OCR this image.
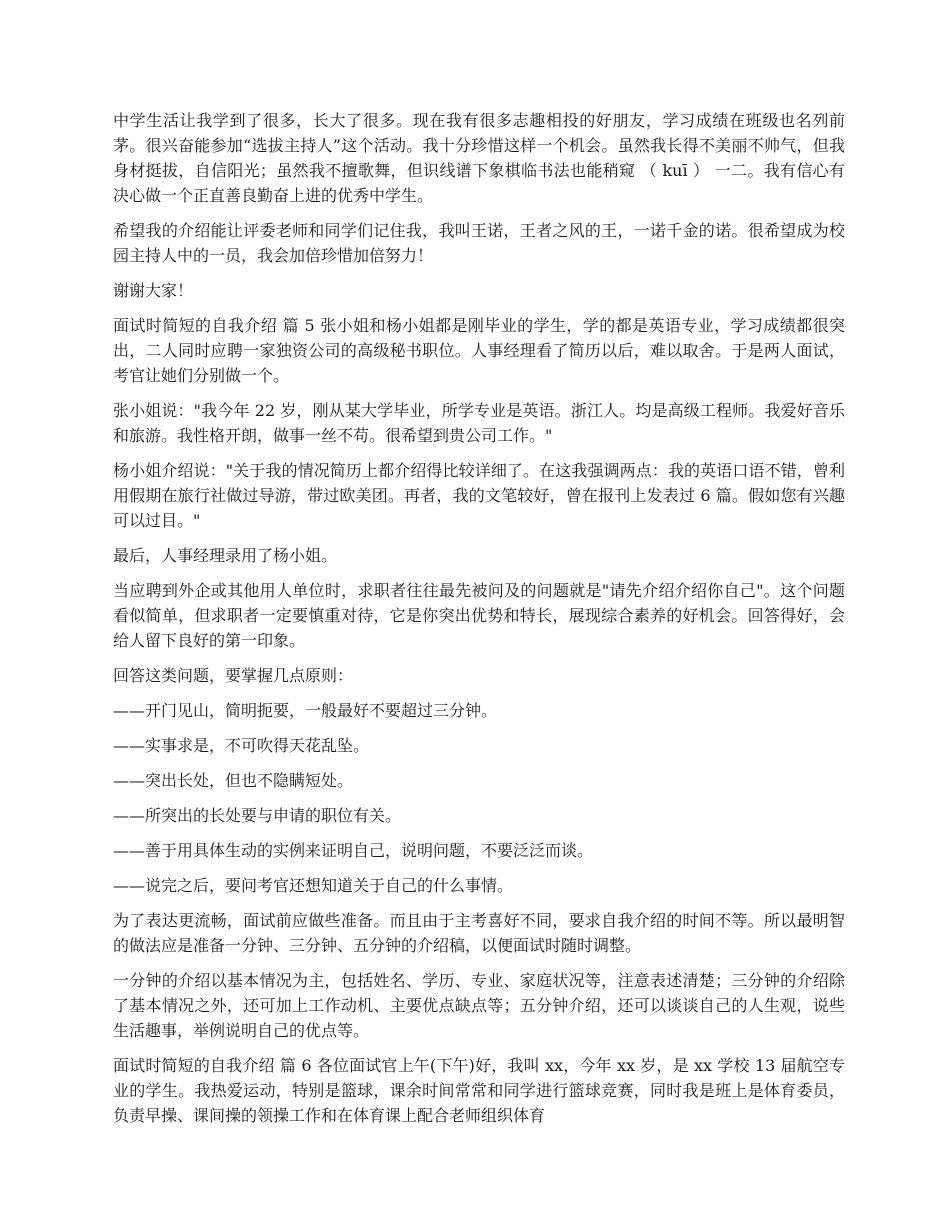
中学生活让我学到了很多，长大了很多。现在我有很多志趣相投的好朋友，学习成绩在班级也名列前茅。很兴奋能参加“选拔主持人”这个活动。我十分珍惜这样一个机会。虽然我长得不美丽不帅气，但我身材挺拔，自信阳光；虽然我不擅歌舞，但识线谱下象棋临书法也能稍窥 （ kuī ） 一二。我有信心有决心做一个正直善良勤奋上进的优秀中学生。

希望我的介绍能让评委老师和同学们记住我，我叫王诺，王者之风的王，一诺千金的诺。很希望成为校园主持人中的一员，我会加倍珍惜加倍努力！

谢谢大家！

面试时简短的自我介绍 篇 5 张小姐和杨小姐都是刚毕业的学生，学的都是英语专业，学习成绩都很突出，二人同时应聘一家独资公司的高级秘书职位。人事经理看了简历以后，难以取舍。于是两人面试，考官让她们分别做一个。

张小姐说："我今年 22 岁，刚从某大学毕业，所学专业是英语。浙江人。均是高级工程师。我爱好音乐和旅游。我性格开朗，做事一丝不苟。很希望到贵公司工作。"

杨小姐介绍说："关于我的情况简历上都介绍得比较详细了。在这我强调两点：我的英语口语不错，曾利用假期在旅行社做过导游，带过欧美团。再者，我的文笔较好，曾在报刊上发表过 6 篇。假如您有兴趣可以过目。"

最后，人事经理录用了杨小姐。

当应聘到外企或其他用人单位时，求职者往往最先被问及的问题就是"请先介绍介绍你自己"。这个问题看似简单，但求职者一定要慎重对待，它是你突出优势和特长，展现综合素养的好机会。回答得好，会给人留下良好的第一印象。

回答这类问题，要掌握几点原则：

——开门见山，简明扼要，一般最好不要超过三分钟。

——实事求是，不可吹得天花乱坠。

——突出长处，但也不隐瞒短处。

——所突出的长处要与申请的职位有关。

——善于用具体生动的实例来证明自己，说明问题，不要泛泛而谈。

——说完之后，要问考官还想知道关于自己的什么事情。

为了表达更流畅，面试前应做些准备。而且由于主考喜好不同，要求自我介绍的时间不等。所以最明智的做法应是准备一分钟、三分钟、五分钟的介绍稿，以便面试时随时调整。

一分钟的介绍以基本情况为主，包括姓名、学历、专业、家庭状况等，注意表述清楚；三分钟的介绍除了基本情况之外，还可加上工作动机、主要优点缺点等；五分钟介绍，还可以谈谈自己的人生观，说些生活趣事，举例说明自己的优点等。

面试时简短的自我介绍 篇 6 各位面试官上午(下午)好，我叫 xx，今年 xx 岁，是 xx 学校 13 届航空专业的学生。我热爱运动，特别是篮球，课余时间常常和同学进行篮球竞赛，同时我是班上是体育委员，负责早操、课间操的领操工作和在体育课上配合老师组织体育
